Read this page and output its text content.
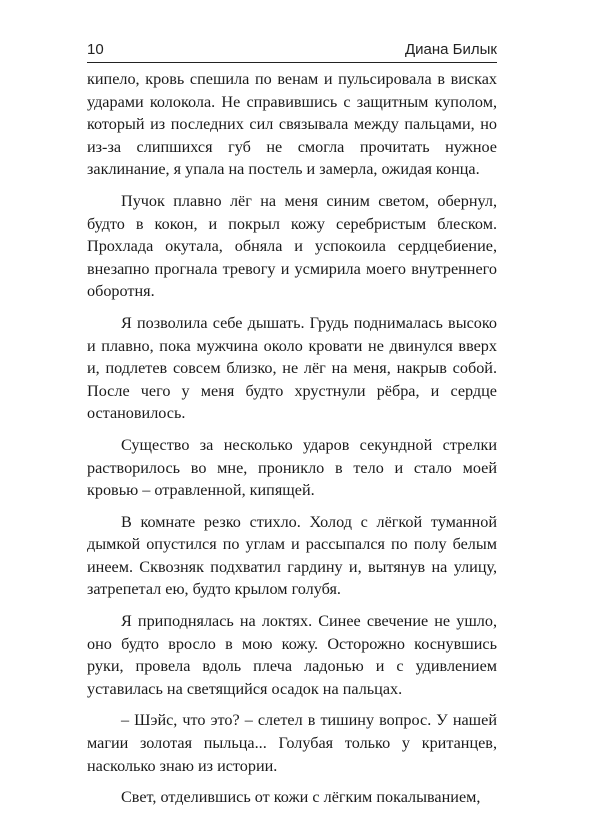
10	Диана Билык

кипело, кровь спешила по венам и пульсировала в висках ударами колокола. Не справившись с защитным куполом, который из последних сил связывала между пальцами, но из-за слипшихся губ не смогла прочитать нужное заклинание, я упала на постель и замерла, ожидая конца.

Пучок плавно лёг на меня синим светом, обернул, будто в кокон, и покрыл кожу серебристым блеском. Прохлада окутала, обняла и успокоила сердцебиение, внезапно прогнала тревогу и усмирила моего внутреннего оборотня.

Я позволила себе дышать. Грудь поднималась высоко и плавно, пока мужчина около кровати не двинулся вверх и, подлетев совсем близко, не лёг на меня, накрыв собой. После чего у меня будто хрустнули рёбра, и сердце остановилось.

Существо за несколько ударов секундной стрелки растворилось во мне, проникло в тело и стало моей кровью – отравленной, кипящей.

В комнате резко стихло. Холод с лёгкой туманной дымкой опустился по углам и рассыпался по полу белым инеем. Сквозняк подхватил гардину и, вытянув на улицу, затрепетал ею, будто крылом голубя.

Я приподнялась на локтях. Синее свечение не ушло, оно будто вросло в мою кожу. Осторожно коснувшись руки, провела вдоль плеча ладонью и с удивлением уставилась на светящийся осадок на пальцах.

– Шэйс, что это? – слетел в тишину вопрос. У нашей магии золотая пыльца... Голубая только у кританцев, насколько знаю из истории.

Свет, отделившись от кожи с лёгким покалыванием,
